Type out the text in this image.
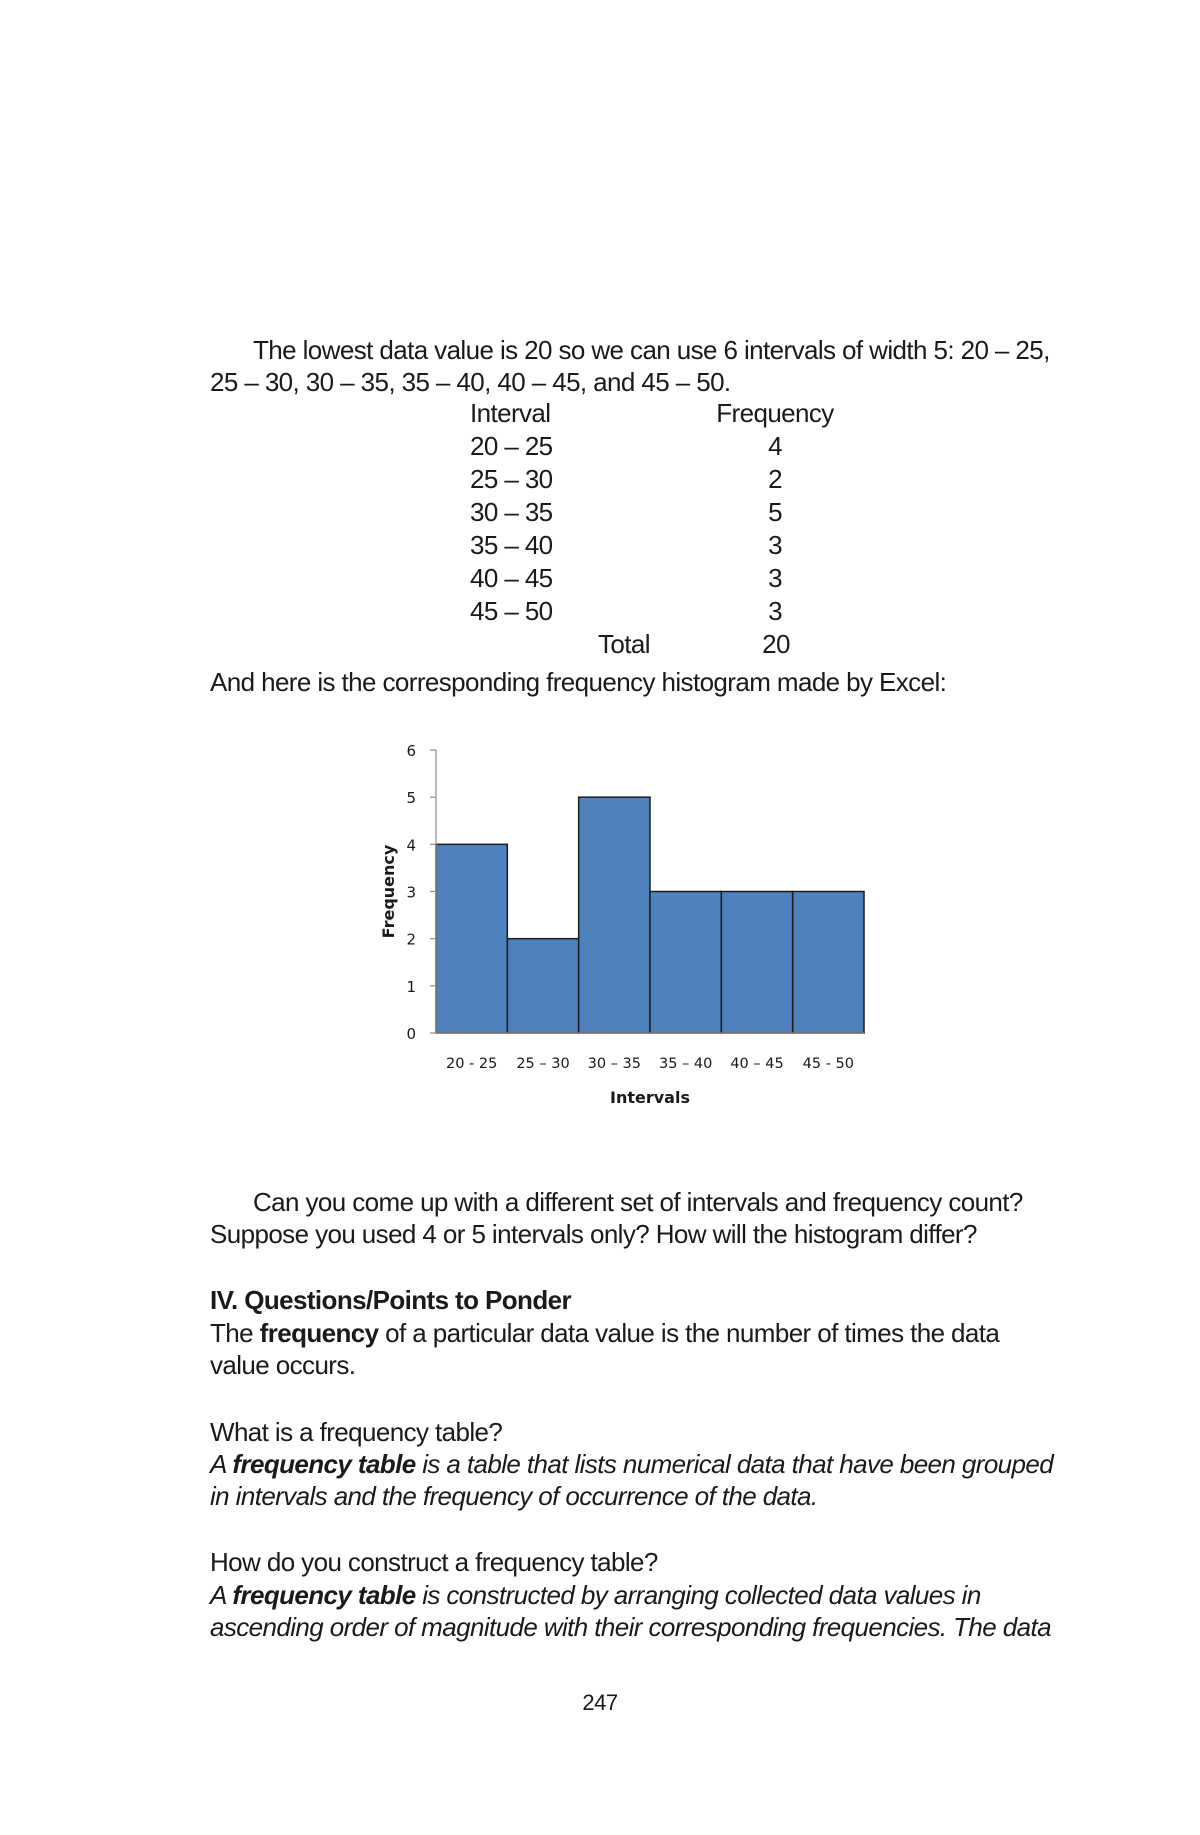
The lowest data value is 20 so we can use 6 intervals of width 5: 20 – 25,

25 – 30, 30 – 35, 35 – 40, 40 – 45, and 45 – 50.

Interval	Frequency
20 – 25	4
25 – 30	2
30 – 35	5
35 – 40	3
40 – 45	3
45 – 50	3
Total	20

And here is the corresponding frequency histogram made by Excel:

0
1
2
3
4
5
6
20 - 25 25 – 30 30 – 35 35 – 40 40 – 45 45 - 50
Intervals
Frequency

Can you come up with a different set of intervals and frequency count?

Suppose you used 4 or 5 intervals only? How will the histogram differ?

IV. Questions/Points to Ponder

The frequency of a particular data value is the number of times the data

value occurs.

What is a frequency table?

A frequency table is a table that lists numerical data that have been grouped

in intervals and the frequency of occurrence of the data.

How do you construct a frequency table?

A frequency table is constructed by arranging collected data values in

ascending order of magnitude with their corresponding frequencies. The data

247
